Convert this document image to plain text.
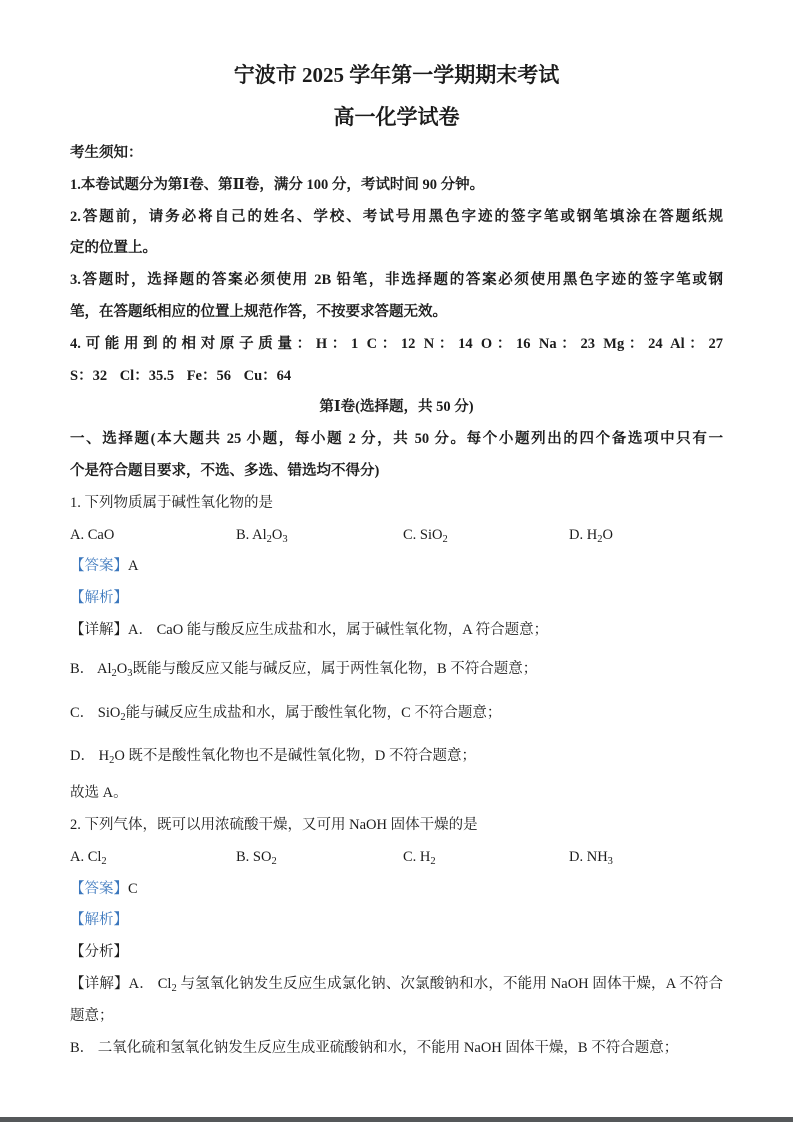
宁波市 2025 学年第一学期期末考试
高一化学试卷
考生须知：
1.本卷试题分为第Ⅰ卷、第Ⅱ卷，满分 100 分，考试时间 90 分钟。
2.答题前，请务必将自己的姓名、学校、考试号用黑色字迹的签字笔或钢笔填涂在答题纸规
定的位置上。
3.答题时，选择题的答案必须使用 2B 铅笔，非选择题的答案必须使用黑色字迹的签字笔或钢
笔，在答题纸相应的位置上规范作答，不按要求答题无效。
4.可能用到的相对原子质量：H：1 C：12 N：14 O：16 Na：23 Mg：24 Al：27
S：32 Cl：35.5 Fe：56 Cu：64
第Ⅰ卷(选择题，共 50 分)
一、选择题(本大题共 25 小题，每小题 2 分，共 50 分。每个小题列出的四个备选项中只有一
个是符合题目要求，不选、多选、错选均不得分)
1. 下列物质属于碱性氧化物的是
A. CaO	B. $Al_2O_3$	C. SiO$_2$	D. $H_2O$
【答案】A
【解析】
【详解】A． CaO 能与酸反应生成盐和水，属于碱性氧化物，A 符合题意；
B． $Al_2O_3$既能与酸反应又能与碱反应，属于两性氧化物，B 不符合题意；
C． SiO$_2$能与碱反应生成盐和水，属于酸性氧化物，C 不符合题意；
D． $H_2O$ 既不是酸性氧化物也不是碱性氧化物，D 不符合题意；
故选 A。
2. 下列气体，既可以用浓硫酸干燥，又可用 NaOH 固体干燥的是
A. $Cl_2$	B. $SO_2$	C. $H_2$	D. $NH_3$
【答案】C
【解析】
【分析】
【详解】A． $Cl_2$ 与氢氧化钠发生反应生成氯化钠、次氯酸钠和水，不能用 NaOH 固体干燥，A 不符合题意；
B． 二氧化硫和氢氧化钠发生反应生成亚硫酸钠和水，不能用 NaOH 固体干燥，B 不符合题意；
